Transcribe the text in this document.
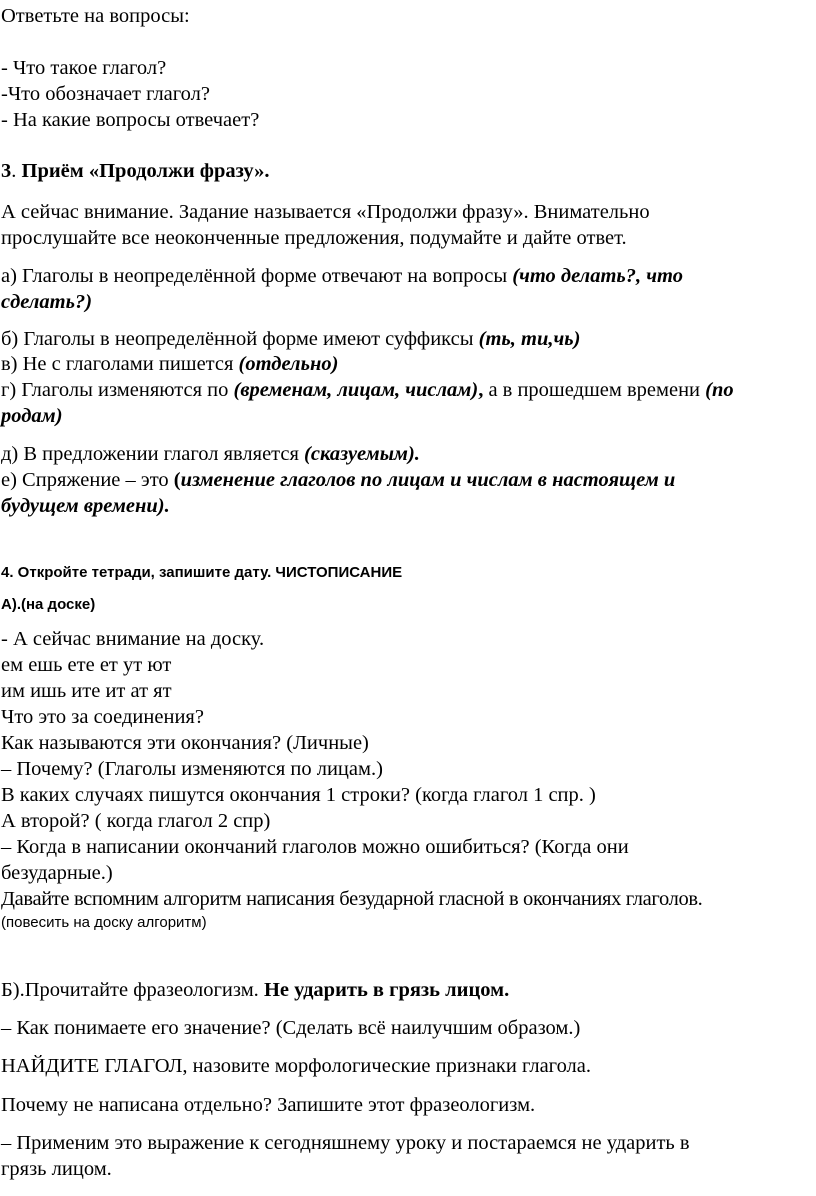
Ответьте на вопросы:
- Что такое глагол?
-Что обозначает глагол?
- На какие вопросы отвечает?
3. Приём «Продолжи фразу».
А сейчас внимание. Задание называется «Продолжи фразу». Внимательно
прослушайте все неоконченные предложения, подумайте и дайте ответ.
а) Глаголы в неопределённой форме отвечают на вопросы (что делать?, что
сделать?)
б) Глаголы в неопределённой форме имеют суффиксы (ть, ти,чь)
в) Не с глаголами пишется (отдельно)
г) Глаголы изменяются по (временам, лицам, числам), а в прошедшем времени (по
родам)
д) В предложении глагол является (сказуемым).
е) Спряжение – это (изменение глаголов по лицам и числам в настоящем и
будущем времени).
4. Откройте тетради, запишите дату. ЧИСТОПИСАНИЕ
А).(на доске)
- А сейчас внимание на доску.
ем ешь ете ет ут ют
им ишь ите ит ат ят
Что это за соединения?
Как называются эти окончания? (Личные)
– Почему? (Глаголы изменяются по лицам.)
В каких случаях пишутся окончания 1 строки? (когда глагол 1 спр. )
А второй? ( когда глагол 2 спр)
– Когда в написании окончаний глаголов можно ошибиться? (Когда они
безударные.)
Давайте вспомним алгоритм написания безударной гласной в окончаниях глаголов.
(повесить на доску алгоритм)
Б).Прочитайте фразеологизм. Не ударить в грязь лицом.
– Как понимаете его значение? (Сделать всё наилучшим образом.)
НАЙДИТЕ ГЛАГОЛ, назовите морфологические признаки глагола.
Почему не написана отдельно? Запишите этот фразеологизм.
– Применим это выражение к сегодняшнему уроку и постараемся не ударить в
грязь лицом.
